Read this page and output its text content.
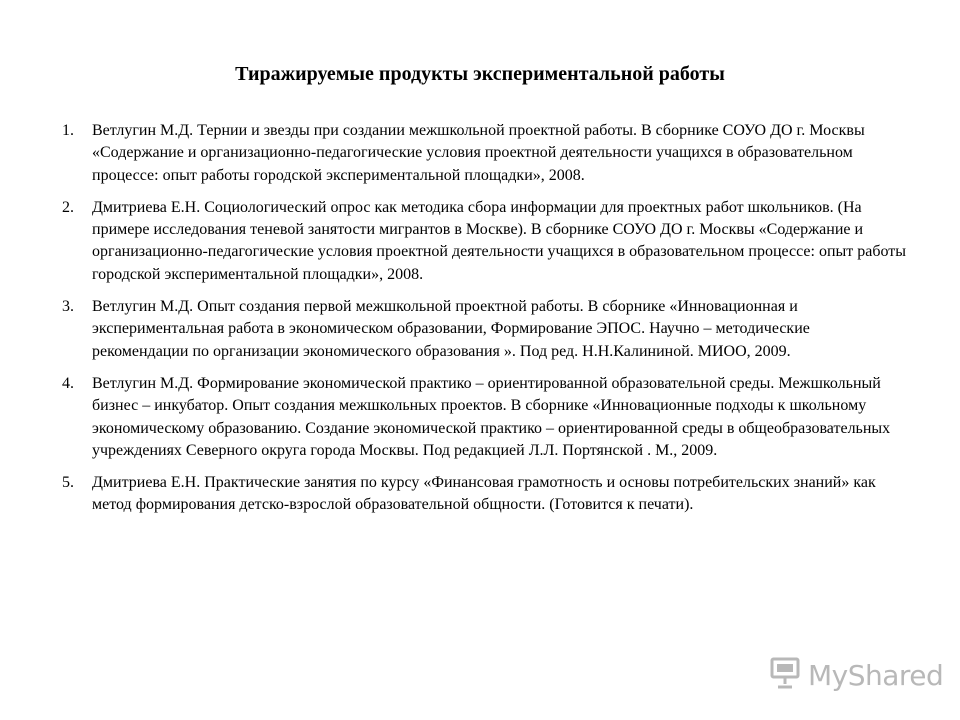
Тиражируемые продукты экспериментальной работы
1. Ветлугин М.Д. Тернии и звезды при создании межшкольной проектной работы. В сборнике СОУО ДО г. Москвы «Содержание и организационно-педагогические условия проектной деятельности учащихся в образовательном процессе: опыт работы городской экспериментальной площадки», 2008.
2. Дмитриева Е.Н. Социологический опрос как методика сбора информации для проектных работ школьников. (На примере исследования теневой занятости мигрантов в Москве). В сборнике СОУО ДО г. Москвы «Содержание и организационно-педагогические условия проектной деятельности учащихся в образовательном процессе: опыт работы городской экспериментальной площадки», 2008.
3. Ветлугин М.Д. Опыт создания первой межшкольной проектной работы. В сборнике «Инновационная и экспериментальная работа в экономическом образовании, Формирование ЭПОС. Научно – методические рекомендации по организации экономического образования ». Под ред. Н.Н.Калининой. МИОО, 2009.
4. Ветлугин М.Д. Формирование экономической практико – ориентированной образовательной среды. Межшкольный бизнес – инкубатор. Опыт создания межшкольных проектов. В сборнике «Инновационные подходы к школьному экономическому образованию. Создание экономической практико – ориентированной среды в общеобразовательных учреждениях Северного округа города Москвы. Под редакцией Л.Л. Портянской . М., 2009.
5. Дмитриева Е.Н. Практические занятия по курсу «Финансовая грамотность и основы потребительских знаний» как метод формирования детско-взрослой образовательной общности. (Готовится к печати).
MyShared
